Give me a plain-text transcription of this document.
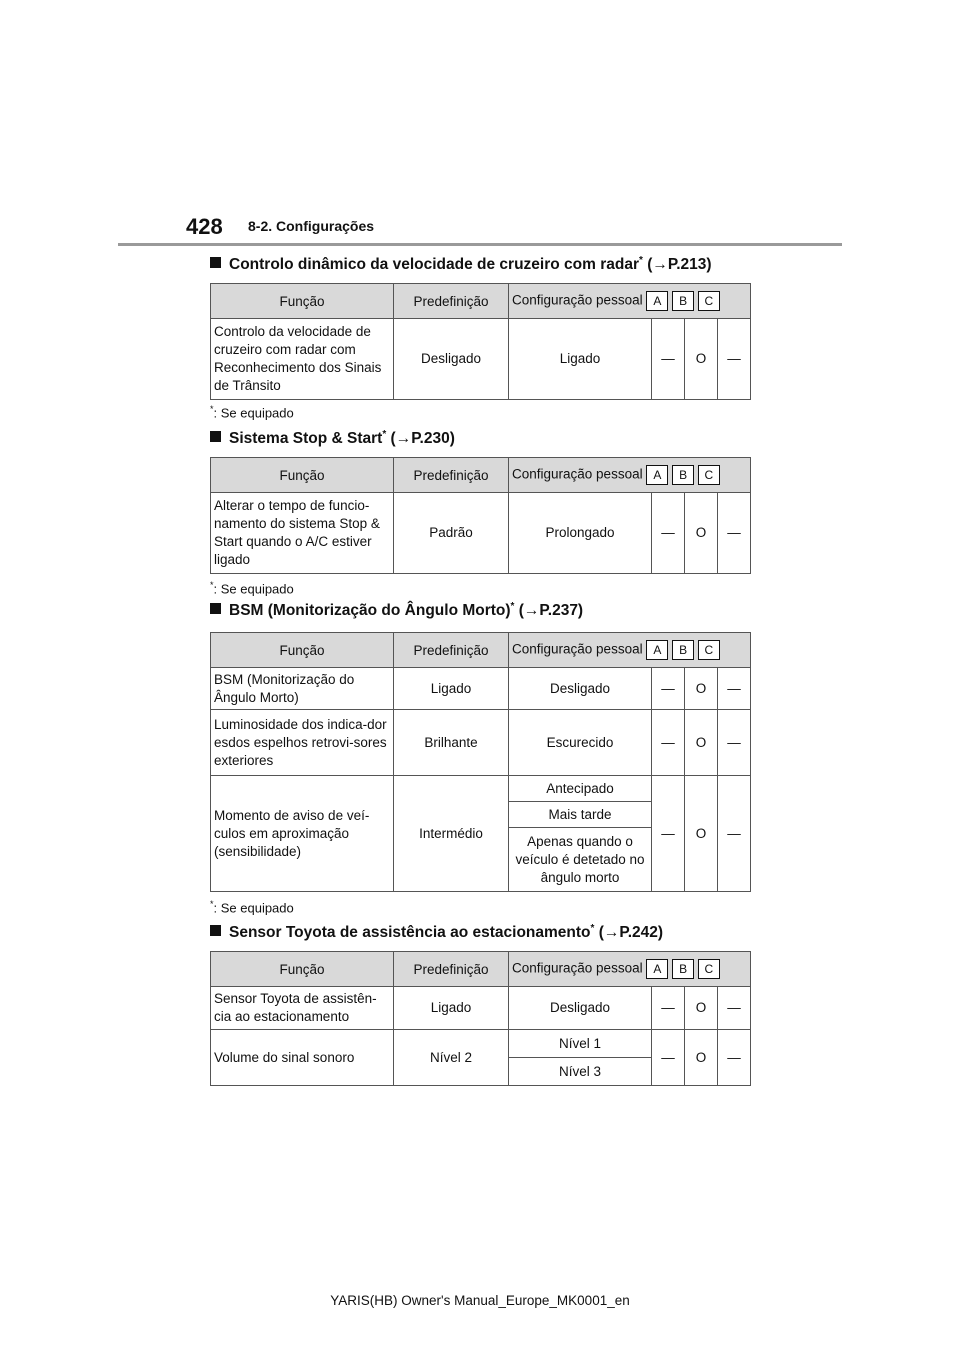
428 8-2. Configurações
Controlo dinâmico da velocidade de cruzeiro com radar* (→P.213)
Função	Predefinição	Configuração pessoal A B C			
Controlo da velocidade de cruzeiro com radar com Reconhecimento dos Sinais de Trânsito	Desligado	Ligado	—	O	—
*: Se equipado
Sistema Stop & Start* (→P.230)
Função	Predefinição	Configuração pessoal A B C			
Alterar o tempo de funcio-namento do sistema Stop & Start quando o A/C estiver ligado	Padrão	Prolongado	—	O	—
*: Se equipado
BSM (Monitorização do Ângulo Morto)* (→P.237)
Função	Predefinição	Configuração pessoal A B C			
BSM (Monitorização do Ângulo Morto)	Ligado	Desligado	—	O	—
Luminosidade dos indica-dor esdos espelhos retrovi-sores exteriores	Brilhante	Escurecido	—	O	—
Momento de aviso de veí-culos em aproximação (sensibilidade)	Intermédio	Antecipado	—	O	—
		Mais tarde			
		Apenas quando o veículo é detetado no ângulo morto			
*: Se equipado
Sensor Toyota de assistência ao estacionamento* (→P.242)
Função	Predefinição	Configuração pessoal A B C			
Sensor Toyota de assistên-cia ao estacionamento	Ligado	Desligado	—	O	—
Volume do sinal sonoro	Nível 2	Nível 1	—	O	—
		Nível 3			
YARIS(HB) Owner's Manual_Europe_MK0001_en
